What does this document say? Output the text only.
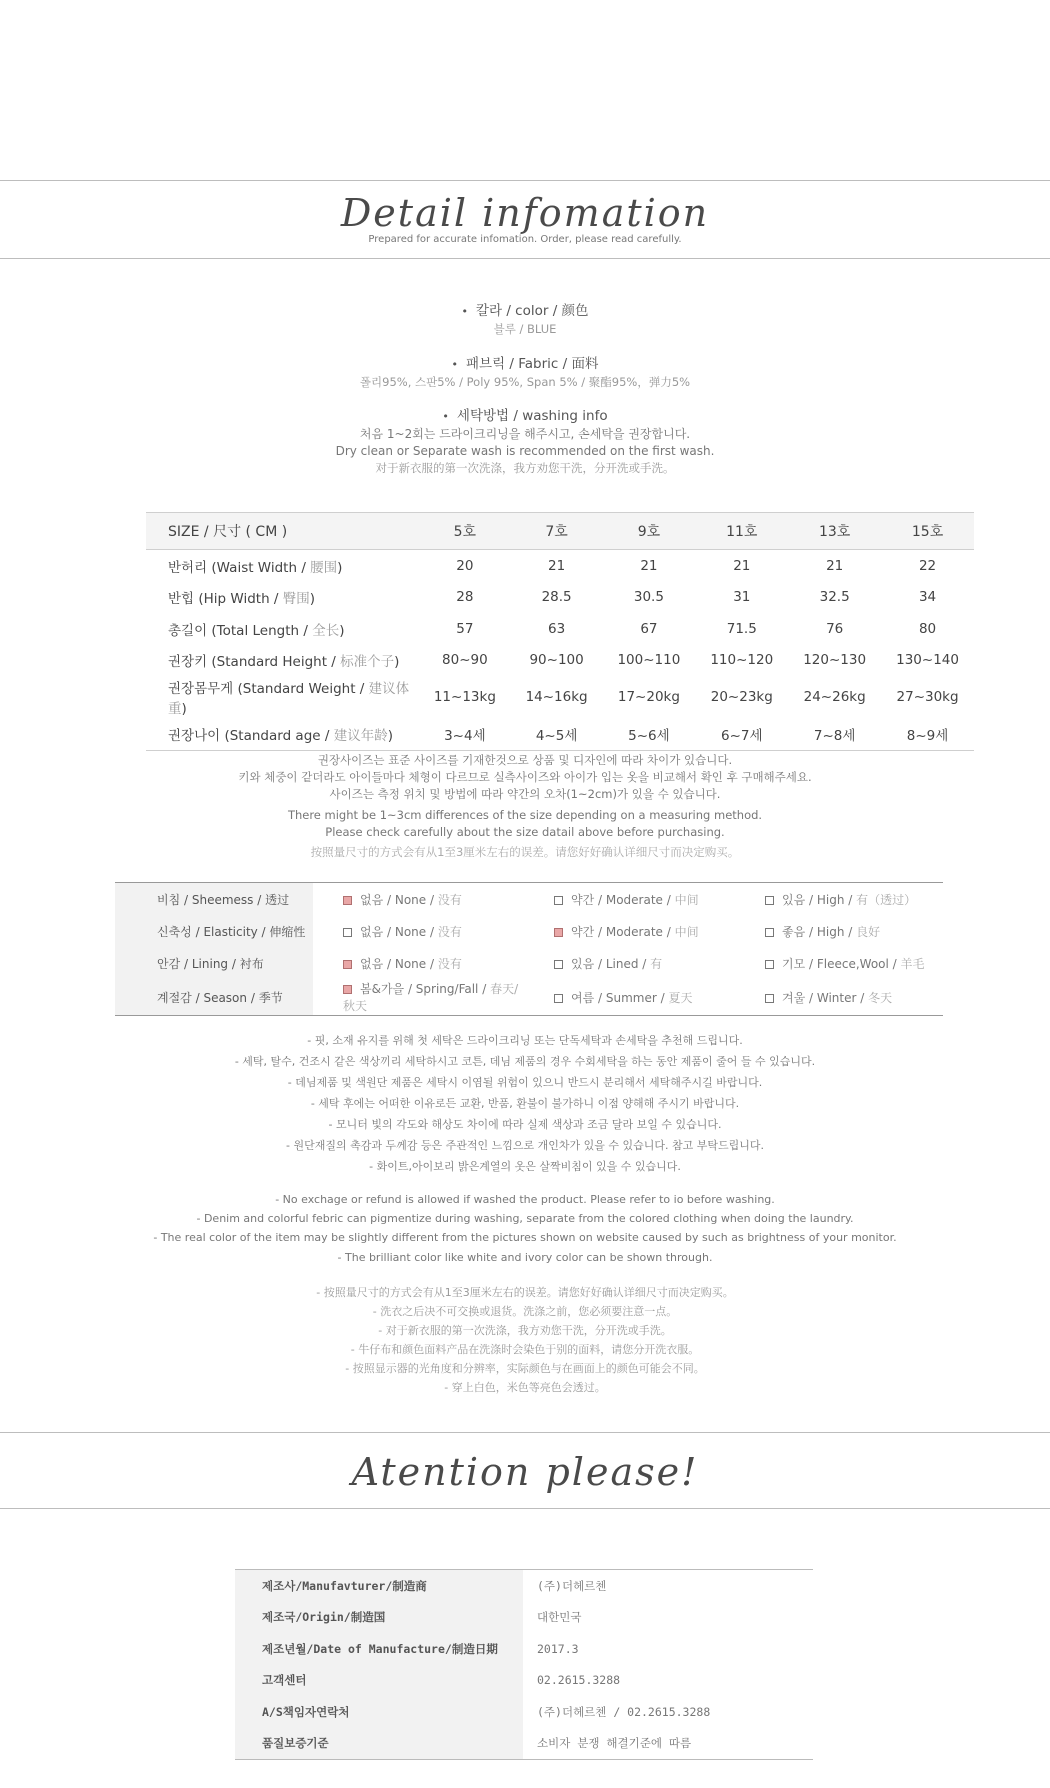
Detail infomation
Prepared for accurate infomation. Order, please read carefully.
• 칼라 / color / 颜色
블루 / BLUE
• 패브릭 / Fabric / 面料
폴리95%, 스판5% / Poly 95%, Span 5% / 聚酯95%，弹力5%
• 세탁방법 / washing info
처음 1~2회는 드라이크리닝을 해주시고, 손세탁을 권장합니다.
Dry clean or Separate wash is recommended on the first wash.
对于新衣服的第一次洗涤，我方劝您干洗，分开洗或手洗。
SIZE / 尺寸 ( CM )	5호	7호	9호	11호	13호	15호
반허리 (Waist Width / 腰围)	20	21	21	21	21	22
반힙 (Hip Width / 臀围)	28	28.5	30.5	31	32.5	34
총길이 (Total Length / 全长)	57	63	67	71.5	76	80
권장키 (Standard Height / 标准个子)	80~90	90~100	100~110	110~120	120~130	130~140
권장몸무게 (Standard Weight / 建议体重)	11~13kg	14~16kg	17~20kg	20~23kg	24~26kg	27~30kg
권장나이 (Standard age / 建议年龄)	3~4세	4~5세	5~6세	6~7세	7~8세	8~9세
권장사이즈는 표준 사이즈를 기재한것으로 상품 및 디자인에 따라 차이가 있습니다.
키와 체중이 같더라도 아이들마다 체형이 다르므로 실측사이즈와 아이가 입는 옷을 비교해서 확인 후 구매해주세요.
사이즈는 측정 위치 및 방법에 따라 약간의 오차(1~2cm)가 있을 수 있습니다.
There might be 1~3cm differences of the size depending on a measuring method.
Please check carefully about the size datail above before purchasing.
按照量尺寸的方式会有从1至3厘米左右的误差。请您好好确认详细尺寸而决定购买。
비침 / Sheemess / 透过	없음 / None / 没有	약간 / Moderate / 中间	있음 / High / 有（透过）
신축성 / Elasticity / 伸缩性	없음 / None / 没有	약간 / Moderate / 中间	좋음 / High / 良好
안감 / Lining / 衬布	없음 / None / 没有	있음 / Lined / 有	기모 / Fleece,Wool / 羊毛
계절감 / Season / 季节	봄&가을 / Spring/Fall / 春天/秋天	여름 / Summer / 夏天	겨울 / Winter / 冬天
- 핏, 소재 유지를 위해 첫 세탁은 드라이크리닝 또는 단독세탁과 손세탁을 추천해 드립니다.
- 세탁, 탈수, 건조시 같은 색상끼리 세탁하시고 코튼, 데님 제품의 경우 수회세탁을 하는 동안 제품이 줄어 들 수 있습니다.
- 데님제품 및 색원단 제품은 세탁시 이염될 위험이 있으니 반드시 분리해서 세탁해주시길 바랍니다.
- 세탁 후에는 어떠한 이유로든 교환, 반품, 환불이 불가하니 이점 양해해 주시기 바랍니다.
- 모니터 빛의 각도와 해상도 차이에 따라 실제 색상과 조금 달라 보일 수 있습니다.
- 원단재질의 촉감과 두께감 등은 주관적인 느낌으로 개인차가 있을 수 있습니다. 참고 부탁드립니다.
- 화이트,아이보리 밝은계열의 옷은 살짝비침이 있을 수 있습니다.
- No exchage or refund is allowed if washed the product. Please refer to io before washing.
- Denim and colorful febric can pigmentize during washing, separate from the colored clothing when doing the laundry.
- The real color of the item may be slightly different from the pictures shown on website caused by such as brightness of your monitor.
- The brilliant color like white and ivory color can be shown through.
- 按照量尺寸的方式会有从1至3厘米左右的误差。请您好好确认详细尺寸而决定购买。
- 洗衣之后决不可交换或退货。洗涤之前，您必须要注意一点。
- 对于新衣服的第一次洗涤，我方劝您干洗，分开洗或手洗。
- 牛仔布和颜色面料产品在洗涤时会染色于别的面料，请您分开洗衣服。
- 按照显示器的光角度和分辨率，实际颜色与在画面上的颜色可能会不同。
- 穿上白色，米色等亮色会透过。
Atention please!
제조사/Manufavturer/制造商	(주)더헤르첸
제조국/Origin/制造国	대한민국
제조년월/Date of Manufacture/制造日期	2017.3
고객센터	02.2615.3288
A/S책임자연락처	(주)더헤르첸 / 02.2615.3288
품질보증기준	소비자 분쟁 해결기준에 따름
